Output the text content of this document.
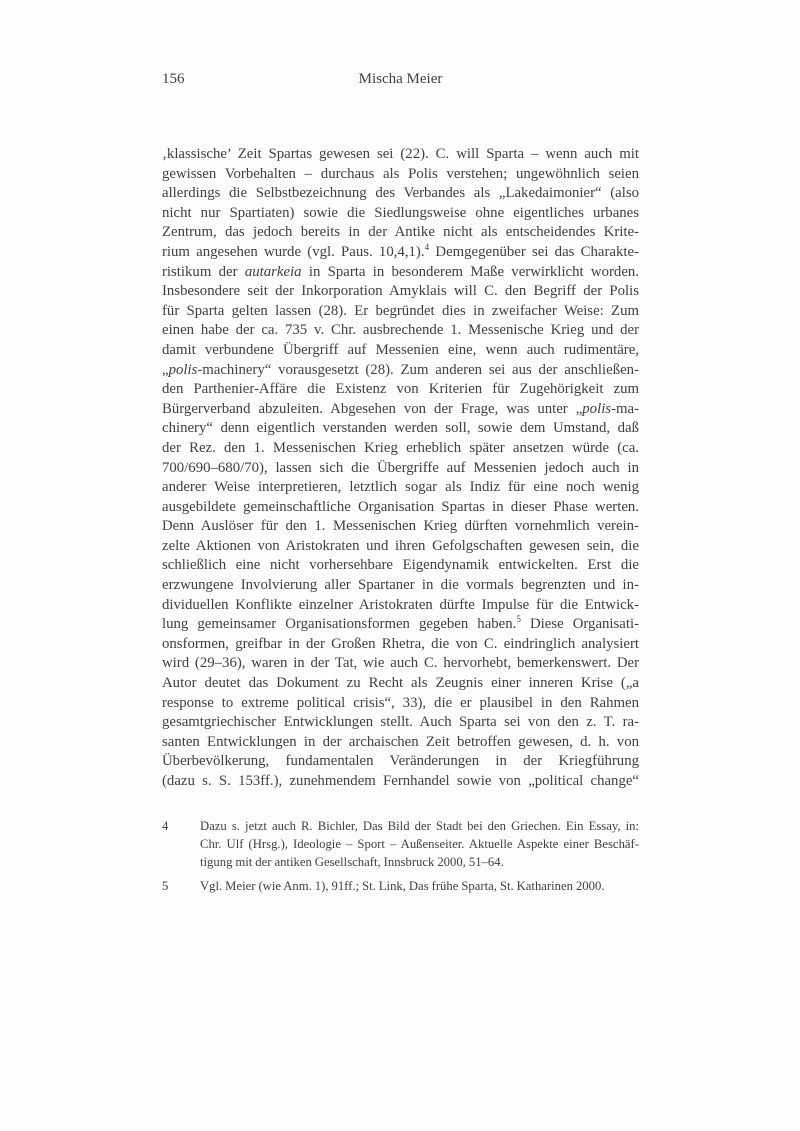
156	Mischa Meier
‚klassische’ Zeit Spartas gewesen sei (22). C. will Sparta – wenn auch mit
gewissen Vorbehalten – durchaus als Polis verstehen; ungewöhnlich seien
allerdings die Selbstbezeichnung des Verbandes als „Lakedaimonier“ (also
nicht nur Spartiaten) sowie die Siedlungsweise ohne eigentliches urbanes
Zentrum, das jedoch bereits in der Antike nicht als entscheidendes Krite-
rium angesehen wurde (vgl. Paus. 10,4,1).$^4$ Demgegenüber sei das Charakte-
ristikum der autarkeia in Sparta in besonderem Maße verwirklicht worden.
Insbesondere seit der Inkorporation Amyklais will C. den Begriff der Polis
für Sparta gelten lassen (28). Er begründet dies in zweifacher Weise: Zum
einen habe der ca. 735 v. Chr. ausbrechende 1. Messenische Krieg und der
damit verbundene Übergriff auf Messenien eine, wenn auch rudimentäre,
„polis-machinery“ vorausgesetzt (28). Zum anderen sei aus der anschließen-
den Parthenier-Affäre die Existenz von Kriterien für Zugehörigkeit zum
Bürgerverband abzuleiten. Abgesehen von der Frage, was unter „polis-ma-
chinery“ denn eigentlich verstanden werden soll, sowie dem Umstand, daß
der Rez. den 1. Messenischen Krieg erheblich später ansetzen würde (ca.
700/690–680/70), lassen sich die Übergriffe auf Messenien jedoch auch in
anderer Weise interpretieren, letztlich sogar als Indiz für eine noch wenig
ausgebildete gemeinschaftliche Organisation Spartas in dieser Phase werten.
Denn Auslöser für den 1. Messenischen Krieg dürften vornehmlich verein-
zelte Aktionen von Aristokraten und ihren Gefolgschaften gewesen sein, die
schließlich eine nicht vorhersehbare Eigendynamik entwickelten. Erst die
erzwungene Involvierung aller Spartaner in die vormals begrenzten und in-
dividuellen Konflikte einzelner Aristokraten dürfte Impulse für die Entwick-
lung gemeinsamer Organisationsformen gegeben haben.$^5$ Diese Organisati-
onsformen, greifbar in der Großen Rhetra, die von C. eindringlich analysiert
wird (29–36), waren in der Tat, wie auch C. hervorhebt, bemerkenswert. Der
Autor deutet das Dokument zu Recht als Zeugnis einer inneren Krise („a
response to extreme political crisis“, 33), die er plausibel in den Rahmen
gesamtgriechischer Entwicklungen stellt. Auch Sparta sei von den z. T. ra-
santen Entwicklungen in der archaischen Zeit betroffen gewesen, d. h. von
Überbevölkerung, fundamentalen Veränderungen in der Kriegführung
(dazu s. S. 153ff.), zunehmendem Fernhandel sowie von „political change“
4	Dazu s. jetzt auch R. Bichler, Das Bild der Stadt bei den Griechen. Ein Essay, in:
Chr. Ulf (Hrsg.), Ideologie – Sport – Außenseiter. Aktuelle Aspekte einer Beschäf-
tigung mit der antiken Gesellschaft, Innsbruck 2000, 51–64.
5	Vgl. Meier (wie Anm. 1), 91ff.; St. Link, Das frühe Sparta, St. Katharinen 2000.
